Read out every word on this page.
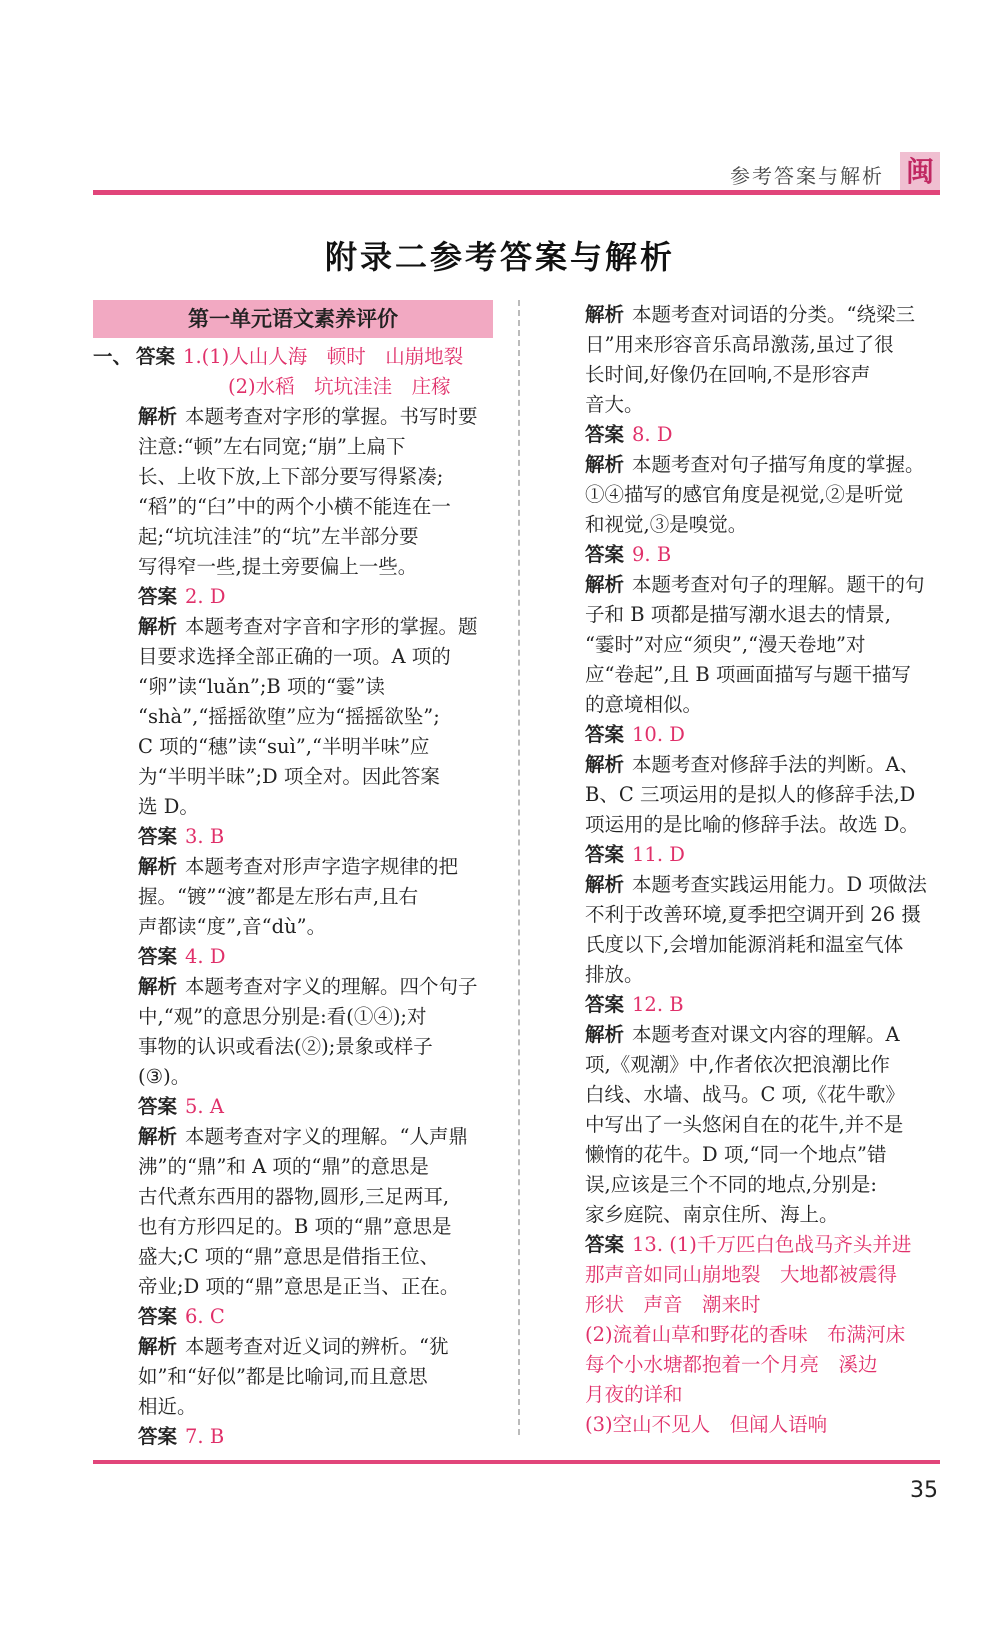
参考答案与解析 闽
附录二参考答案与解析
第一单元语文素养评价
一、 答案 1.(1)人山人海　顿时　山崩地裂
(2)水稻　坑坑洼洼　庄稼
解析 本题考查对字形的掌握。书写时要
注意:“顿”左右同宽;“崩”上扁下
长、上收下放,上下部分要写得紧凑;
“稻”的“臼”中的两个小横不能连在一
起;“坑坑洼洼”的“坑”左半部分要
写得窄一些,提土旁要偏上一些。
答案 2. D
解析 本题考查对字音和字形的掌握。题
目要求选择全部正确的一项。A 项的
“卵”读“luǎn”;B 项的“霎”读
“shà”,“摇摇欲堕”应为“摇摇欲坠”;
C 项的“穗”读“suì”,“半明半味”应
为“半明半昧”;D 项全对。因此答案
选 D。
答案 3. B
解析 本题考查对形声字造字规律的把
握。“镀”“渡”都是左形右声,且右
声都读“度”,音“dù”。
答案 4. D
解析 本题考查对字义的理解。四个句子
中,“观”的意思分别是:看(①④);对
事物的认识或看法(②);景象或样子
(③)。
答案 5. A
解析 本题考查对字义的理解。“人声鼎
沸”的“鼎”和 A 项的“鼎”的意思是
古代煮东西用的器物,圆形,三足两耳,
也有方形四足的。B 项的“鼎”意思是
盛大;C 项的“鼎”意思是借指王位、
帝业;D 项的“鼎”意思是正当、正在。
答案 6. C
解析 本题考查对近义词的辨析。“犹
如”和“好似”都是比喻词,而且意思
相近。
答案 7. B
解析 本题考查对词语的分类。“绕梁三
日”用来形容音乐高昂激荡,虽过了很
长时间,好像仍在回响,不是形容声
音大。
答案 8. D
解析 本题考查对句子描写角度的掌握。
①④描写的感官角度是视觉,②是听觉
和视觉,③是嗅觉。
答案 9. B
解析 本题考查对句子的理解。题干的句
子和 B 项都是描写潮水退去的情景,
“霎时”对应“须臾”,“漫天卷地”对
应“卷起”,且 B 项画面描写与题干描写
的意境相似。
答案 10. D
解析 本题考查对修辞手法的判断。A、
B、C 三项运用的是拟人的修辞手法,D
项运用的是比喻的修辞手法。故选 D。
答案 11. D
解析 本题考查实践运用能力。D 项做法
不利于改善环境,夏季把空调开到 26 摄
氏度以下,会增加能源消耗和温室气体
排放。
答案 12. B
解析 本题考查对课文内容的理解。A
项,《观潮》中,作者依次把浪潮比作
白线、水墙、战马。C 项,《花牛歌》
中写出了一头悠闲自在的花牛,并不是
懒惰的花牛。D 项,“同一个地点”错
误,应该是三个不同的地点,分别是:
家乡庭院、南京住所、海上。
答案 13. (1)千万匹白色战马齐头并进
那声音如同山崩地裂　大地都被震得
形状　声音　潮来时
(2)流着山草和野花的香味　布满河床
每个小水塘都抱着一个月亮　溪边
月夜的详和
(3)空山不见人　但闻人语响
35
